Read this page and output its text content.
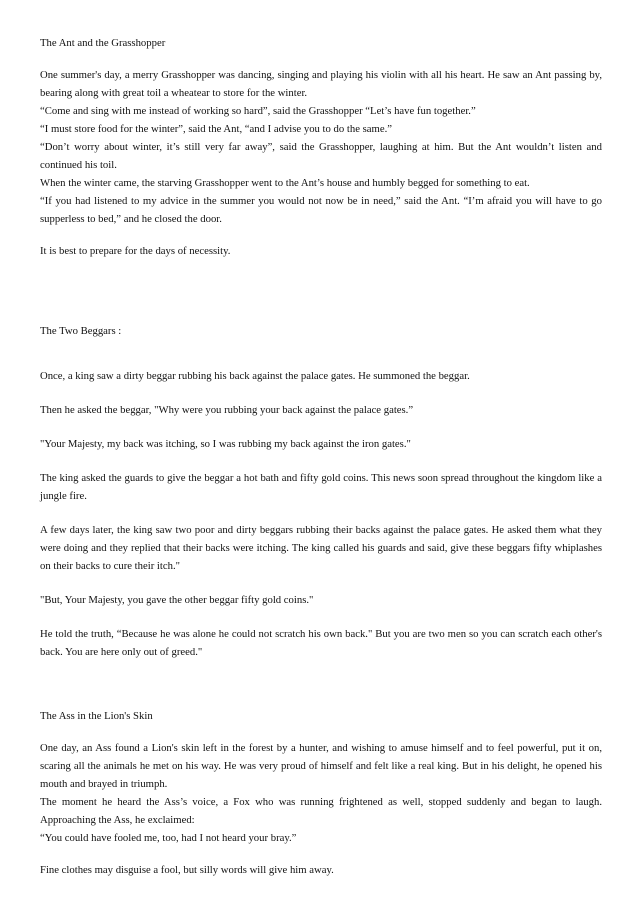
The Ant and the Grasshopper

One summer's day, a merry Grasshopper was dancing, singing and playing his violin with all his heart. He saw an Ant passing by, bearing along with great toil a wheatear to store for the winter.

“Come and sing with me instead of working so hard”, said the Grasshopper “Let’s have fun together.”

“I must store food for the winter”, said the Ant, “and I advise you to do the same.”

“Don’t worry about winter, it’s still very far away”, said the Grasshopper, laughing at him. But the Ant wouldn’t listen and continued his toil.

When the winter came, the starving Grasshopper went to the Ant’s house and humbly begged for something to eat.

“If you had listened to my advice in the summer you would not now be in need,” said the Ant. “I’m afraid you will have to go supperless to bed,” and he closed the door.

It is best to prepare for the days of necessity.

The Two Beggars :

Once, a king saw a dirty beggar rubbing his back against the palace gates. He summoned the beggar.

Then he asked the beggar, "Why were you rubbing your back against the palace gates.”

"Your Majesty, my back was itching, so I was rubbing my back against the iron gates."

The king asked the guards to give the beggar a hot bath and fifty gold coins. This news soon spread throughout the kingdom like a jungle fire.

A few days later, the king saw two poor and dirty beggars rubbing their backs against the palace gates. He asked them what they were doing and they replied that their backs were itching. The king called his guards and said, give these beggars fifty whiplashes on their backs to cure their itch."

"But, Your Majesty, you gave the other beggar fifty gold coins."

He told the truth, “Because he was alone he could not scratch his own back." But you are two men so you can scratch each other's back. You are here only out of greed."

The Ass in the Lion's Skin

One day, an Ass found a Lion's skin left in the forest by a hunter, and wishing to amuse himself and to feel powerful, put it on, scaring all the animals he met on his way. He was very proud of himself and felt like a real king. But in his delight, he opened his mouth and brayed in triumph.

The moment he heard the Ass’s voice, a Fox who was running frightened as well, stopped suddenly and began to laugh. Approaching the Ass, he exclaimed:

“You could have fooled me, too, had I not heard your bray.”

Fine clothes may disguise a fool, but silly words will give him away.
